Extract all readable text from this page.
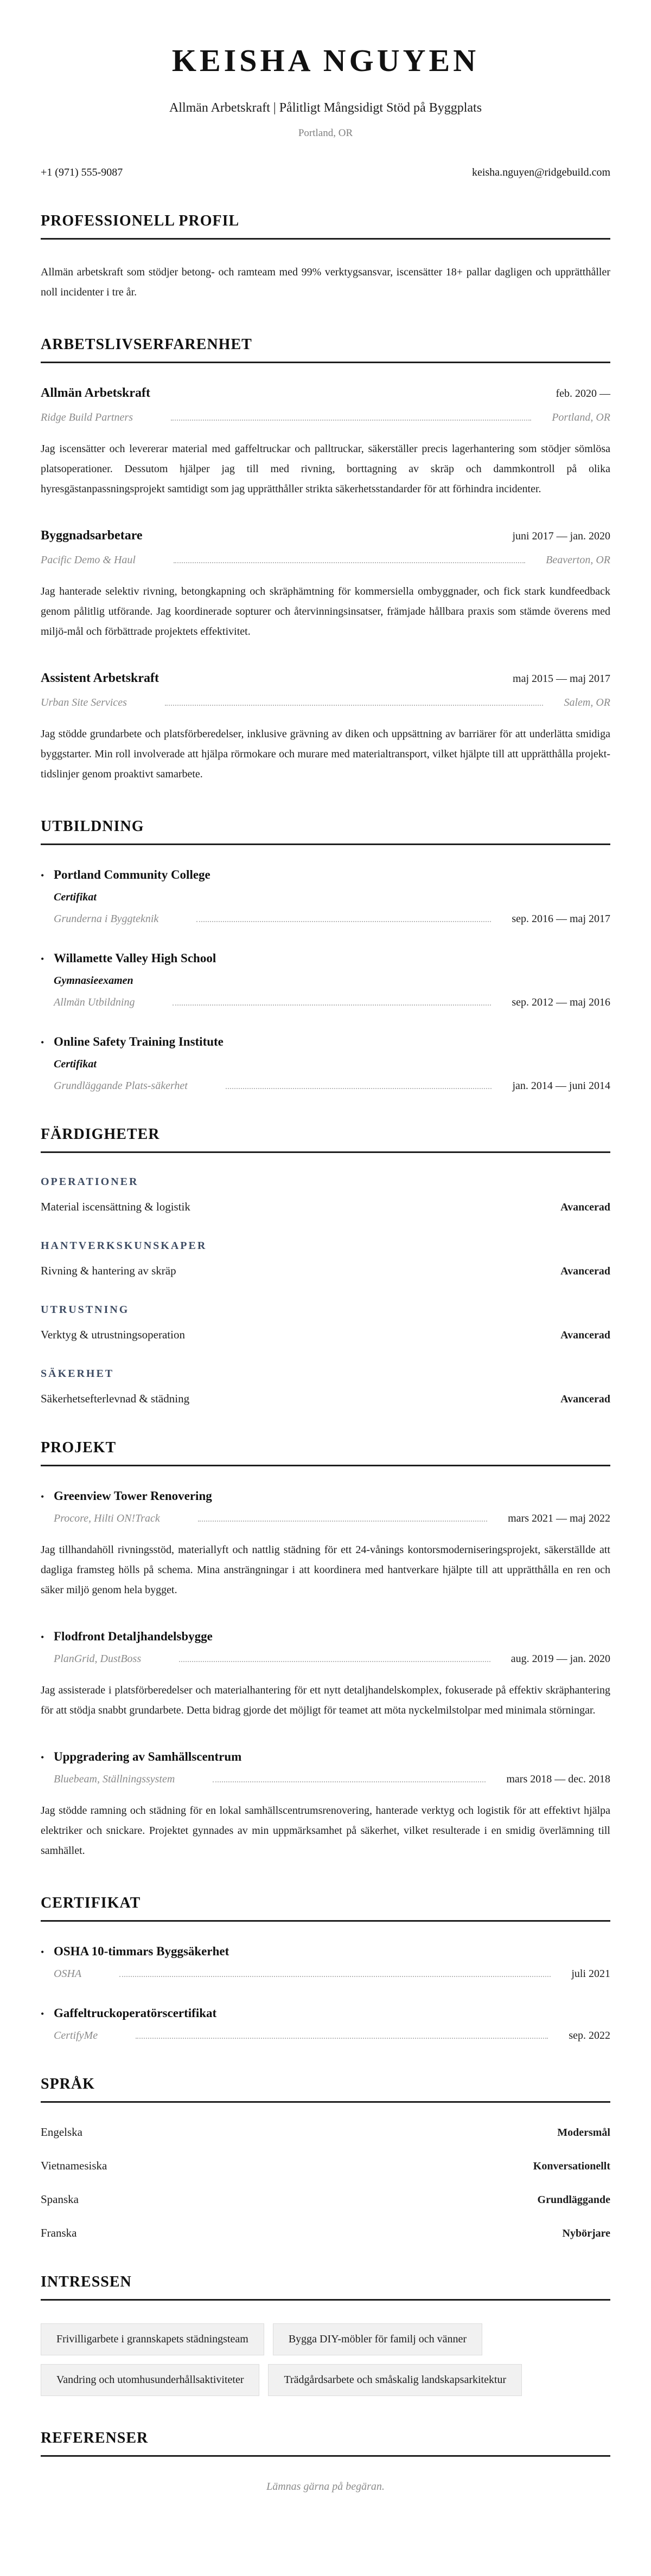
KEISHA NGUYEN
Allmän Arbetskraft | Pålitligt Mångsidigt Stöd på Byggplats
Portland, OR
+1 (971) 555-9087	keisha.nguyen@ridgebuild.com
PROFESSIONELL PROFIL

Allmän arbetskraft som stödjer betong- och ramteam med 99% verktygsansvar, iscensätter 18+ pallar dagligen och upprätthåller noll incidenter i tre år.

ARBETSLIVSERFARENHET
Allmän Arbetskraft	feb. 2020 —
Ridge Build Partners	Portland, OR

Jag iscensätter och levererar material med gaffeltruckar och palltruckar, säkerställer precis lagerhantering som stödjer sömlösa platsoperationer. Dessutom hjälper jag till med rivning, borttagning av skräp och dammkontroll på olika hyresgästanpassningsprojekt samtidigt som jag upprätthåller strikta säkerhetsstandarder för att förhindra incidenter.

Byggnadsarbetare	juni 2017 — jan. 2020
Pacific Demo & Haul	Beaverton, OR

Jag hanterade selektiv rivning, betongkapning och skräphämtning för kommersiella ombyggnader, och fick stark kundfeedback genom pålitlig utförande. Jag koordinerade sopturer och återvinningsinsatser, främjade hållbara praxis som stämde överens med miljö-mål och förbättrade projektets effektivitet.

Assistent Arbetskraft	maj 2015 — maj 2017
Urban Site Services	Salem, OR

Jag stödde grundarbete och platsförberedelser, inklusive grävning av diken och uppsättning av barriärer för att underlätta smidiga byggstarter. Min roll involverade att hjälpa rörmokare och murare med materialtransport, vilket hjälpte till att upprätthålla projekt-tidslinjer genom proaktivt samarbete.

UTBILDNING
• Portland Community College
Certifikat
Grunderna i Byggteknik	sep. 2016 — maj 2017
• Willamette Valley High School
Gymnasieexamen
Allmän Utbildning	sep. 2012 — maj 2016
• Online Safety Training Institute
Certifikat
Grundläggande Plats-säkerhet	jan. 2014 — juni 2014
FÄRDIGHETER
OPERATIONER
Material iscensättning & logistik	Avancerad
HANTVERKSKUNSKAPER
Rivning & hantering av skräp	Avancerad
UTRUSTNING
Verktyg & utrustningsoperation	Avancerad
SÄKERHET
Säkerhetsefterlevnad & städning	Avancerad
PROJEKT
• Greenview Tower Renovering
Procore, Hilti ON!Track	mars 2021 — maj 2022

Jag tillhandahöll rivningsstöd, materiallyft och nattlig städning för ett 24-vånings kontorsmoderniseringsprojekt, säkerställde att dagliga framsteg hölls på schema. Mina ansträngningar i att koordinera med hantverkare hjälpte till att upprätthålla en ren och säker miljö genom hela bygget.

• Flodfront Detaljhandelsbygge
PlanGrid, DustBoss	aug. 2019 — jan. 2020

Jag assisterade i platsförberedelser och materialhantering för ett nytt detaljhandelskomplex, fokuserade på effektiv skräphantering för att stödja snabbt grundarbete. Detta bidrag gjorde det möjligt för teamet att möta nyckelmilstolpar med minimala störningar.

• Uppgradering av Samhällscentrum
Bluebeam, Ställningssystem	mars 2018 — dec. 2018

Jag stödde ramning och städning för en lokal samhällscentrumsrenovering, hanterade verktyg och logistik för att effektivt hjälpa elektriker och snickare. Projektet gynnades av min uppmärksamhet på säkerhet, vilket resulterade i en smidig överlämning till samhället.

CERTIFIKAT
• OSHA 10-timmars Byggsäkerhet
OSHA	juli 2021
• Gaffeltruckoperatörscertifikat
CertifyMe	sep. 2022
SPRÅK
Engelska	Modersmål
Vietnamesiska	Konversationellt
Spanska	Grundläggande
Franska	Nybörjare
INTRESSEN
Frivilligarbete i grannskapets städningsteam	Bygga DIY-möbler för familj och vänner
Vandring och utomhusunderhållsaktiviteter	Trädgårdsarbete och småskalig landskapsarkitektur
REFERENSER
Lämnas gärna på begäran.
